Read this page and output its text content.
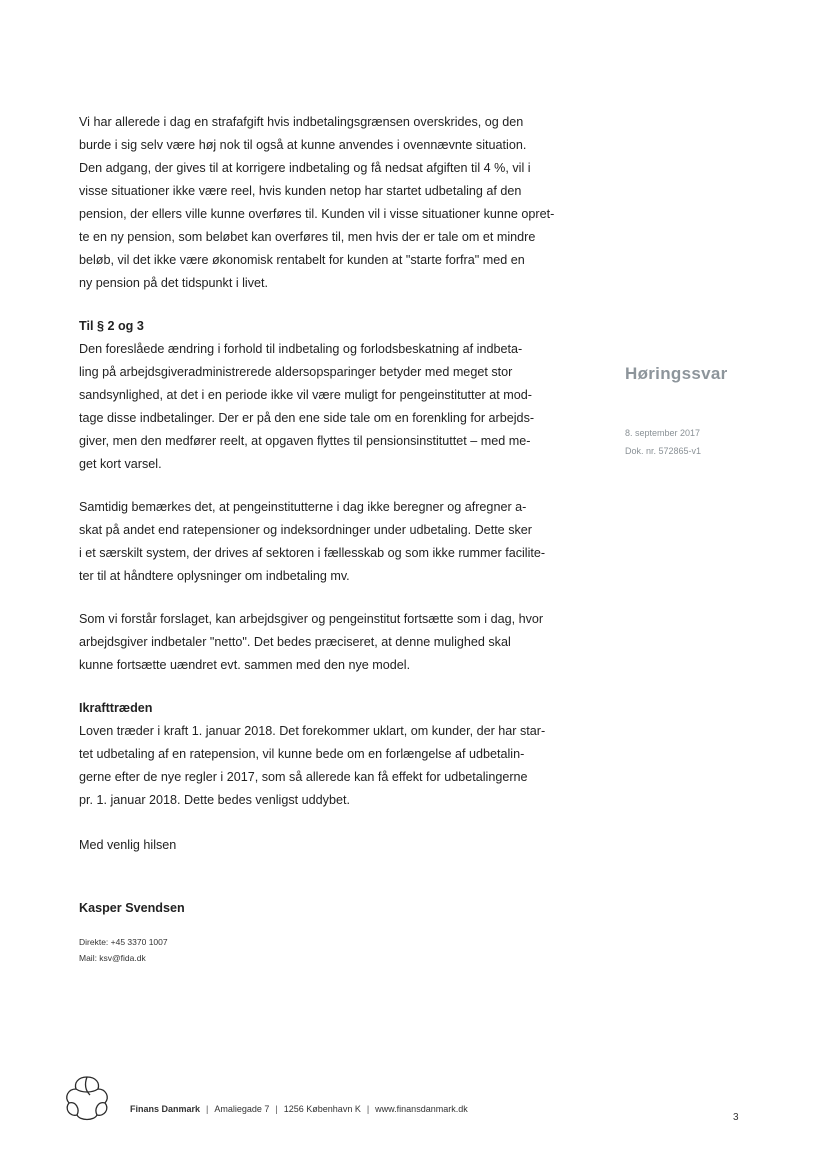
Vi har allerede i dag en strafafgift hvis indbetalingsgrænsen overskrides, og den

burde i sig selv være høj nok til også at kunne anvendes i ovennævnte situation.

Den adgang, der gives til at korrigere indbetaling og få nedsat afgiften til 4 %, vil i

visse situationer ikke være reel, hvis kunden netop har startet udbetaling af den

pension, der ellers ville kunne overføres til. Kunden vil i visse situationer kunne opret-

te en ny pension, som beløbet kan overføres til, men hvis der er tale om et mindre

beløb, vil det ikke være økonomisk rentabelt for kunden at "starte forfra" med en

ny pension på det tidspunkt i livet.

Til § 2 og 3

Den foreslåede ændring i forhold til indbetaling og forlodsbeskatning af indbeta-

ling på arbejdsgiveradministrerede aldersopsparinger betyder med meget stor

sandsynlighed, at det i en periode ikke vil være muligt for pengeinstitutter at mod-

tage disse indbetalinger. Der er på den ene side tale om en forenkling for arbejds-

giver, men den medfører reelt, at opgaven flyttes til pensionsinstituttet – med me-

get kort varsel.

Samtidig bemærkes det, at pengeinstitutterne i dag ikke beregner og afregner a-

skat på andet end ratepensioner og indeksordninger under udbetaling. Dette sker

i et særskilt system, der drives af sektoren i fællesskab og som ikke rummer facilite-

ter til at håndtere oplysninger om indbetaling mv.

Som vi forstår forslaget, kan arbejdsgiver og pengeinstitut fortsætte som i dag, hvor

arbejdsgiver indbetaler "netto". Det bedes præciseret, at denne mulighed skal

kunne fortsætte uændret evt. sammen med den nye model.

Ikrafttræden

Loven træder i kraft 1. januar 2018. Det forekommer uklart, om kunder, der har star-

tet udbetaling af en ratepension, vil kunne bede om en forlængelse af udbetalin-

gerne efter de nye regler i 2017, som så allerede kan få effekt for udbetalingerne

pr. 1. januar 2018. Dette bedes venligst uddybet.

Med venlig hilsen
Kasper Svendsen
Direkte: +45 3370 1007
Mail: ksv@fida.dk
Høringssvar
8. september 2017
Dok. nr. 572865-v1
Finans Danmark | Amaliegade 7 | 1256 København K | www.finansdanmark.dk
3
